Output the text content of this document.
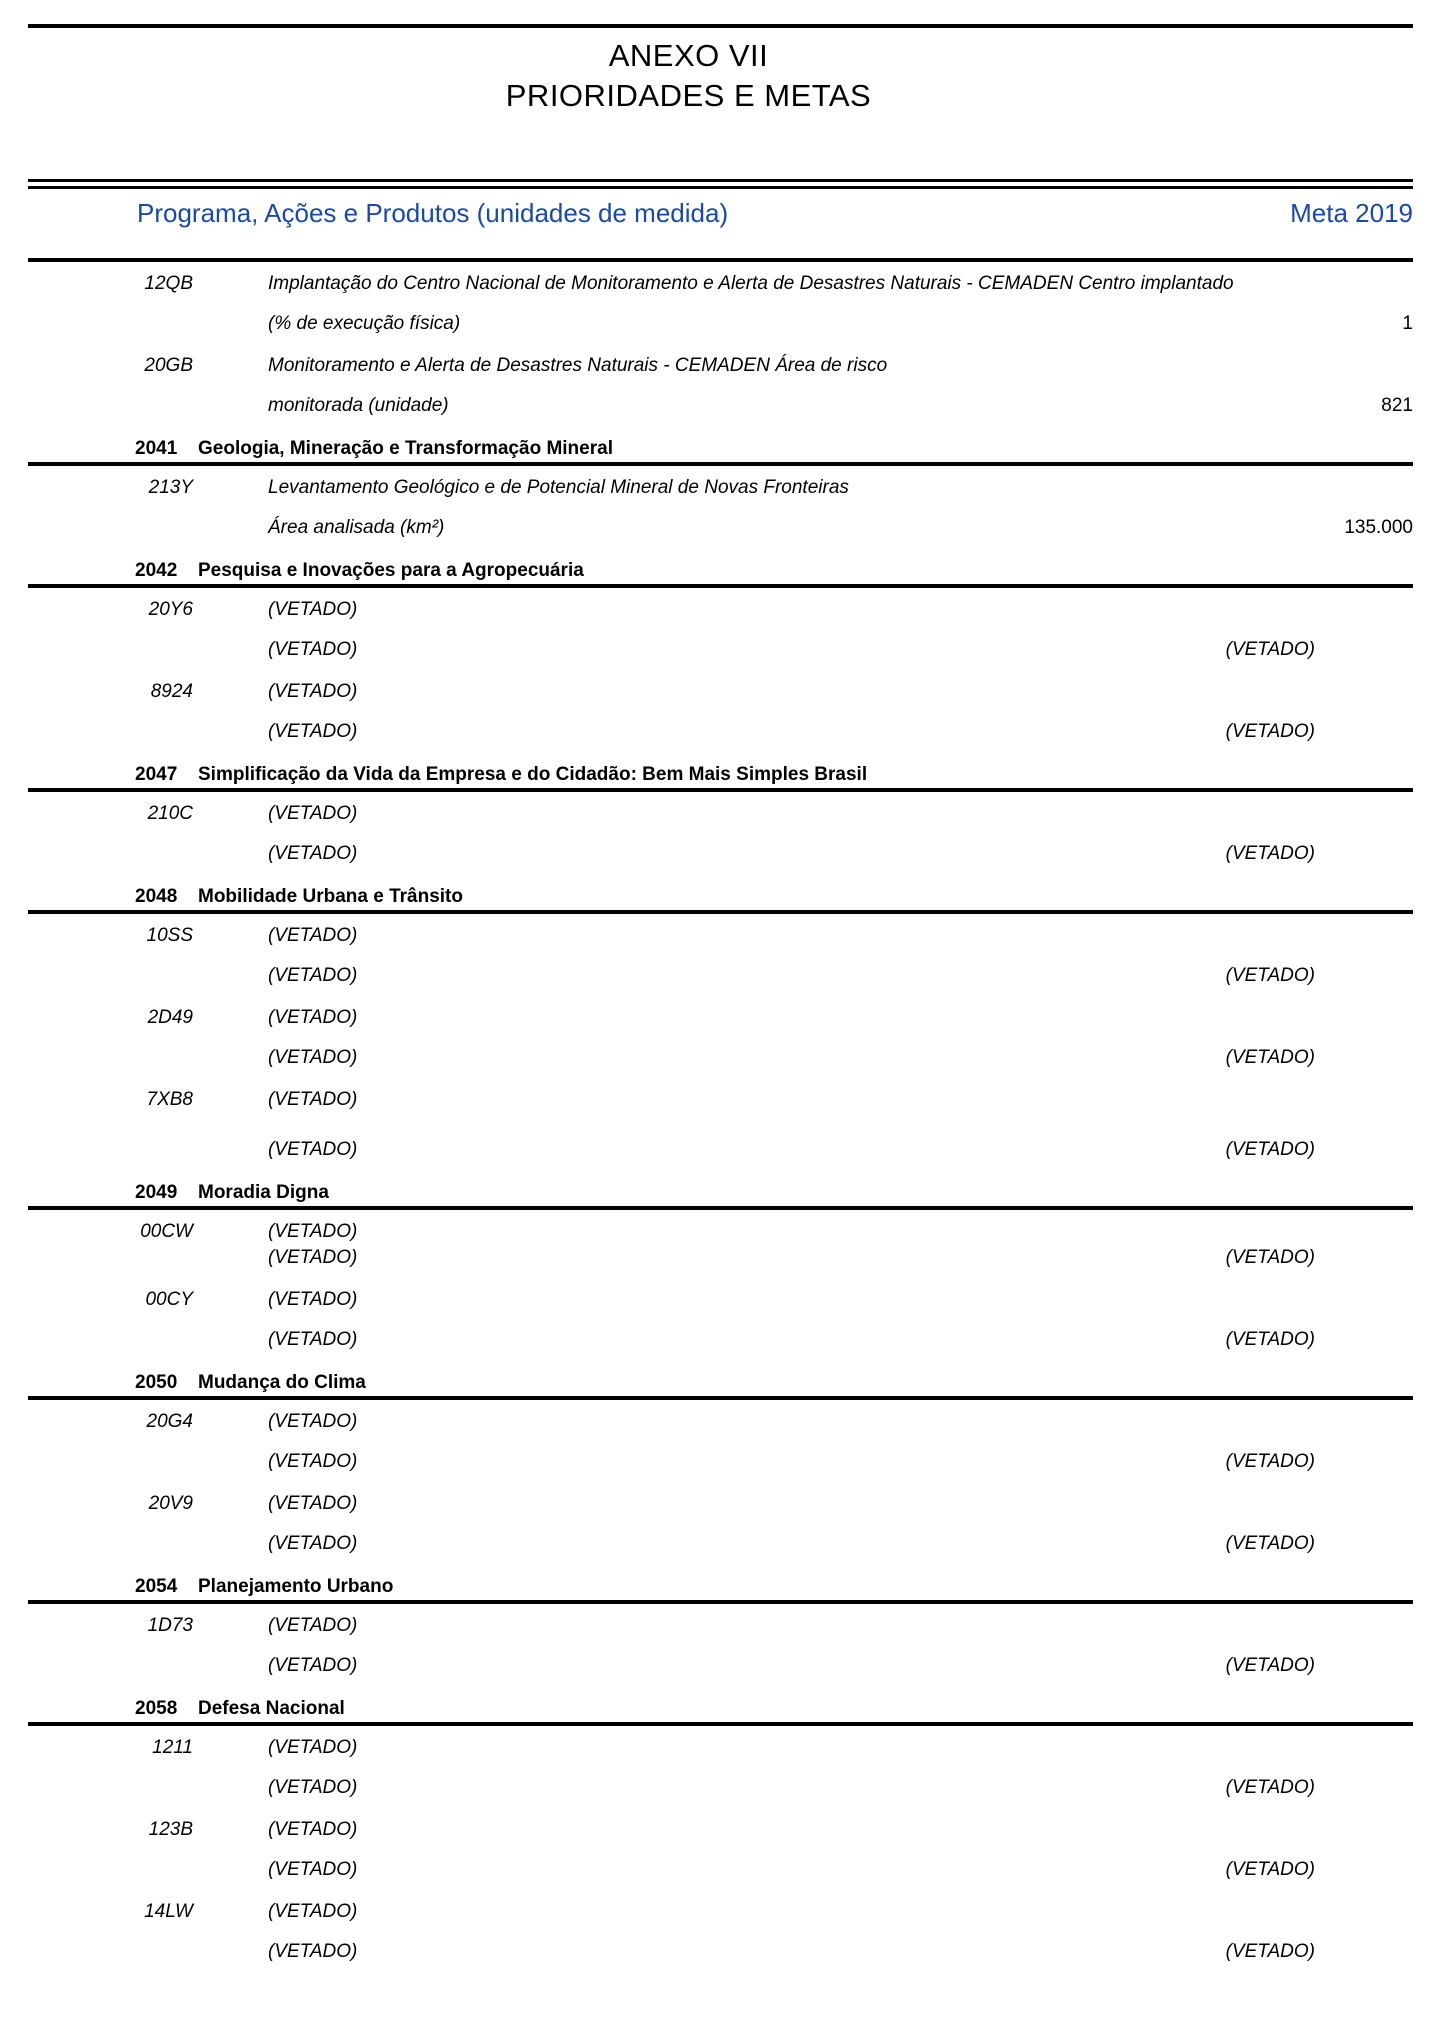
ANEXO VII
PRIORIDADES E METAS
Programa, Ações e Produtos (unidades de medida)	Meta 2019
12QB	Implantação do Centro Nacional de Monitoramento e Alerta de Desastres Naturais - CEMADEN Centro implantado
(% de execução física)	1
20GB	Monitoramento e Alerta de Desastres Naturais - CEMADEN Área de risco
monitorada (unidade)	821
2041 Geologia, Mineração e Transformação Mineral
213Y	Levantamento Geológico e de Potencial Mineral de Novas Fronteiras
Área analisada (km²)	135.000
2042 Pesquisa e Inovações para a Agropecuária
20Y6	(VETADO)
(VETADO)	(VETADO)
8924	(VETADO)
(VETADO)	(VETADO)
2047 Simplificação da Vida da Empresa e do Cidadão: Bem Mais Simples Brasil
210C	(VETADO)
(VETADO)	(VETADO)
2048 Mobilidade Urbana e Trânsito
10SS	(VETADO)
(VETADO)	(VETADO)
2D49	(VETADO)
(VETADO)	(VETADO)
7XB8	(VETADO)
(VETADO)	(VETADO)
2049 Moradia Digna
00CW	(VETADO)
(VETADO)	(VETADO)
00CY	(VETADO)
(VETADO)	(VETADO)
2050 Mudança do Clima
20G4	(VETADO)
(VETADO)	(VETADO)
20V9	(VETADO)
(VETADO)	(VETADO)
2054 Planejamento Urbano
1D73	(VETADO)
(VETADO)	(VETADO)
2058 Defesa Nacional
1211	(VETADO)
(VETADO)	(VETADO)
123B	(VETADO)
(VETADO)	(VETADO)
14LW	(VETADO)
(VETADO)	(VETADO)
